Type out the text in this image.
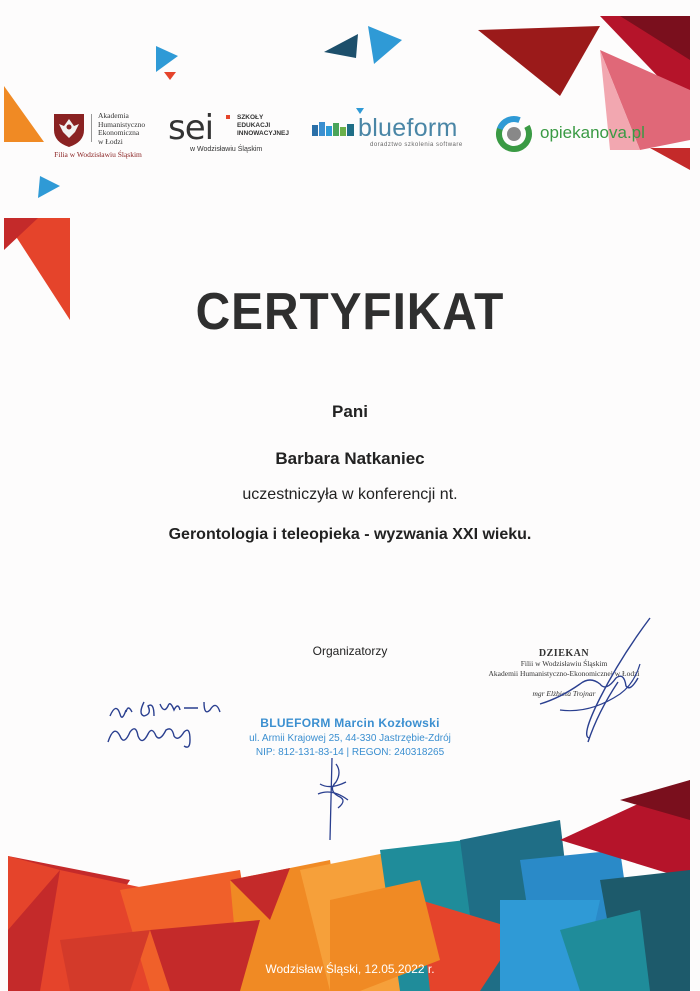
Akademia
Humanistyczno
Ekonomiczna
w Łodzi
Filia w Wodzisławiu Śląskim
sei	SZKOŁY
EDUKACJI
INNOWACYJNEJ
w Wodzisławiu Śląskim
blueform
doradztwo szkolenia software
opiekanova.pl
CERTYFIKAT
Pani
Barbara Natkaniec
uczestniczyła w konferencji nt.
Gerontologia i teleopieka - wyzwania XXI wieku.
Organizatorzy	DZIEKAN
Filii w Wodzisławiu Śląskim
Akademii Humanistyczno-Ekonomicznej w Łodzi
mgr Elżbieta Trojnar
BLUEFORM Marcin Kozłowski
ul. Armii Krajowej 25, 44-330 Jastrzębie-Zdrój
NIP: 812-131-83-14 | REGON: 240318265
Wodzisław Śląski, 12.05.2022 r.
